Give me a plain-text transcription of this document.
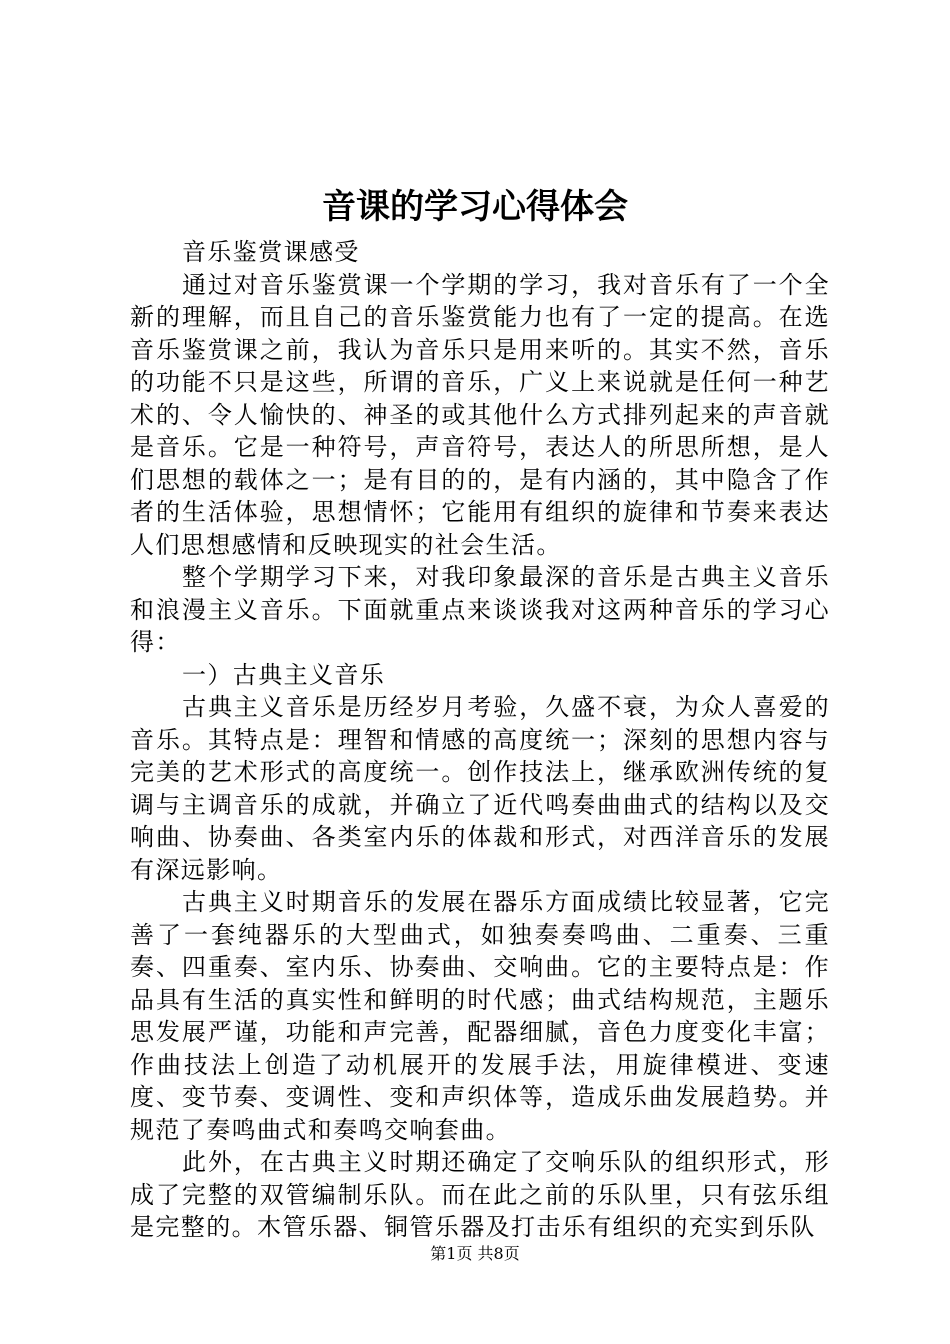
音课的学习心得体会

音乐鉴赏课感受

通过对音乐鉴赏课一个学期的学习，我对音乐有了一个全新的理解，而且自己的音乐鉴赏能力也有了一定的提高。在选音乐鉴赏课之前，我认为音乐只是用来听的。其实不然，音乐的功能不只是这些，所谓的音乐，广义上来说就是任何一种艺术的、令人愉快的、神圣的或其他什么方式排列起来的声音就是音乐。它是一种符号，声音符号，表达人的所思所想，是人们思想的载体之一；是有目的的，是有内涵的，其中隐含了作者的生活体验，思想情怀；它能用有组织的旋律和节奏来表达人们思想感情和反映现实的社会生活。

整个学期学习下来，对我印象最深的音乐是古典主义音乐和浪漫主义音乐。下面就重点来谈谈我对这两种音乐的学习心得：

一）古典主义音乐

古典主义音乐是历经岁月考验，久盛不衰，为众人喜爱的音乐。其特点是：理智和情感的高度统一；深刻的思想内容与完美的艺术形式的高度统一。创作技法上，继承欧洲传统的复调与主调音乐的成就，并确立了近代鸣奏曲曲式的结构以及交响曲、协奏曲、各类室内乐的体裁和形式，对西洋音乐的发展有深远影响。

古典主义时期音乐的发展在器乐方面成绩比较显著，它完善了一套纯器乐的大型曲式，如独奏奏鸣曲、二重奏、三重奏、四重奏、室内乐、协奏曲、交响曲。它的主要特点是：作品具有生活的真实性和鲜明的时代感；曲式结构规范，主题乐思发展严谨，功能和声完善，配器细腻，音色力度变化丰富；作曲技法上创造了动机展开的发展手法，用旋律模进、变速度、变节奏、变调性、变和声织体等，造成乐曲发展趋势。并规范了奏鸣曲式和奏鸣交响套曲。

此外，在古典主义时期还确定了交响乐队的组织形式，形成了完整的双管编制乐队。而在此之前的乐队里，只有弦乐组是完整的。木管乐器、铜管乐器及打击乐有组织的充实到乐队

第1页 共8页
